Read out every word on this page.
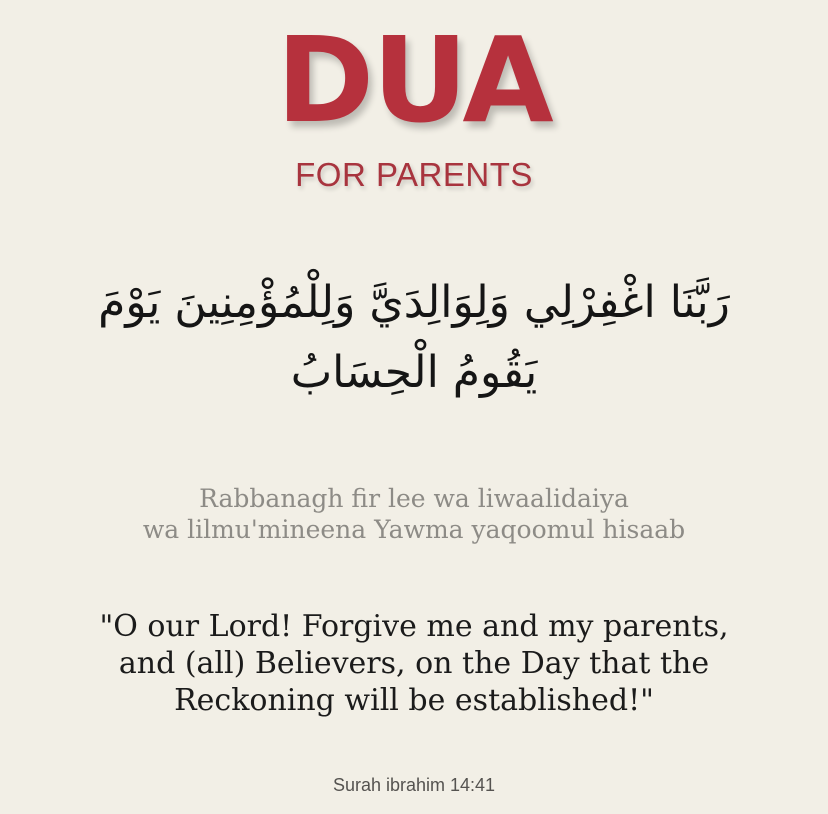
DUA
FOR PARENTS
رَبَّنَا اغْفِرْلِي وَلِوَالِدَيَّ وَلِلْمُؤْمِنِينَ يَوْمَ
يَقُومُ الْحِسَابُ
Rabbanagh fir lee wa liwaalidaiya
wa lilmu'mineena Yawma yaqoomul hisaab
"O our Lord! Forgive me and my parents,
and (all) Believers, on the Day that the
Reckoning will be established!"
Surah ibrahim 14:41
